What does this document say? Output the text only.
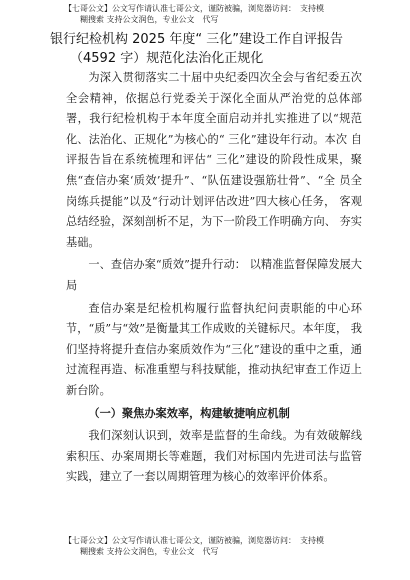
【七哥公文】公文写作请认准七哥公文，谨防被骗，浏览器访问：　支持模
糊搜索 支持公文润色，专业公文　代写
银行纪检机构 2025 年度“ 三化”建设工作自评报告
（4592 字）规范化法治化正规化

为深入贯彻落实二十届中央纪委四次全会与省纪委五次全会精神，依据总行党委关于深化全面从严治党的总体部署，我行纪检机构于本年度全面启动并扎实推进了以“规范化、法治化、正规化”为核心的“ 三化”建设年行动。本次 自评报告旨在系统梳理和评估“ 三化”建设的阶段性成果，聚焦“查信办案‘质效’提升”、“队伍建设强筋壮骨”、“全 员全岗练兵提能”以及“行动计划评估改进”四大核心任务， 客观总结经验，深刻剖析不足，为下一阶段工作明确方向、 夯实基础。

一、查信办案“质效”提升行动： 以精准监督保障发展大局

查信办案是纪检机构履行监督执纪问责职能的中心环节，“质”与“效”是衡量其工作成败的关键标尺。本年度， 我们坚持将提升查信办案质效作为“三化”建设的重中之重，通过流程再造、标准重塑与科技赋能，推动执纪审查工作迈上新台阶。

（一）聚焦办案效率，构建敏捷响应机制

我们深刻认识到，效率是监督的生命线。为有效破解线索积压、办案周期长等难题，我们对标国内先进司法与监管实践，建立了一套以周期管理为核心的效率评价体系。

【七哥公文】公文写作请认准七哥公文，谨防被骗，浏览器访问：　支持模
糊搜索 支持公文润色，专业公文　代写
